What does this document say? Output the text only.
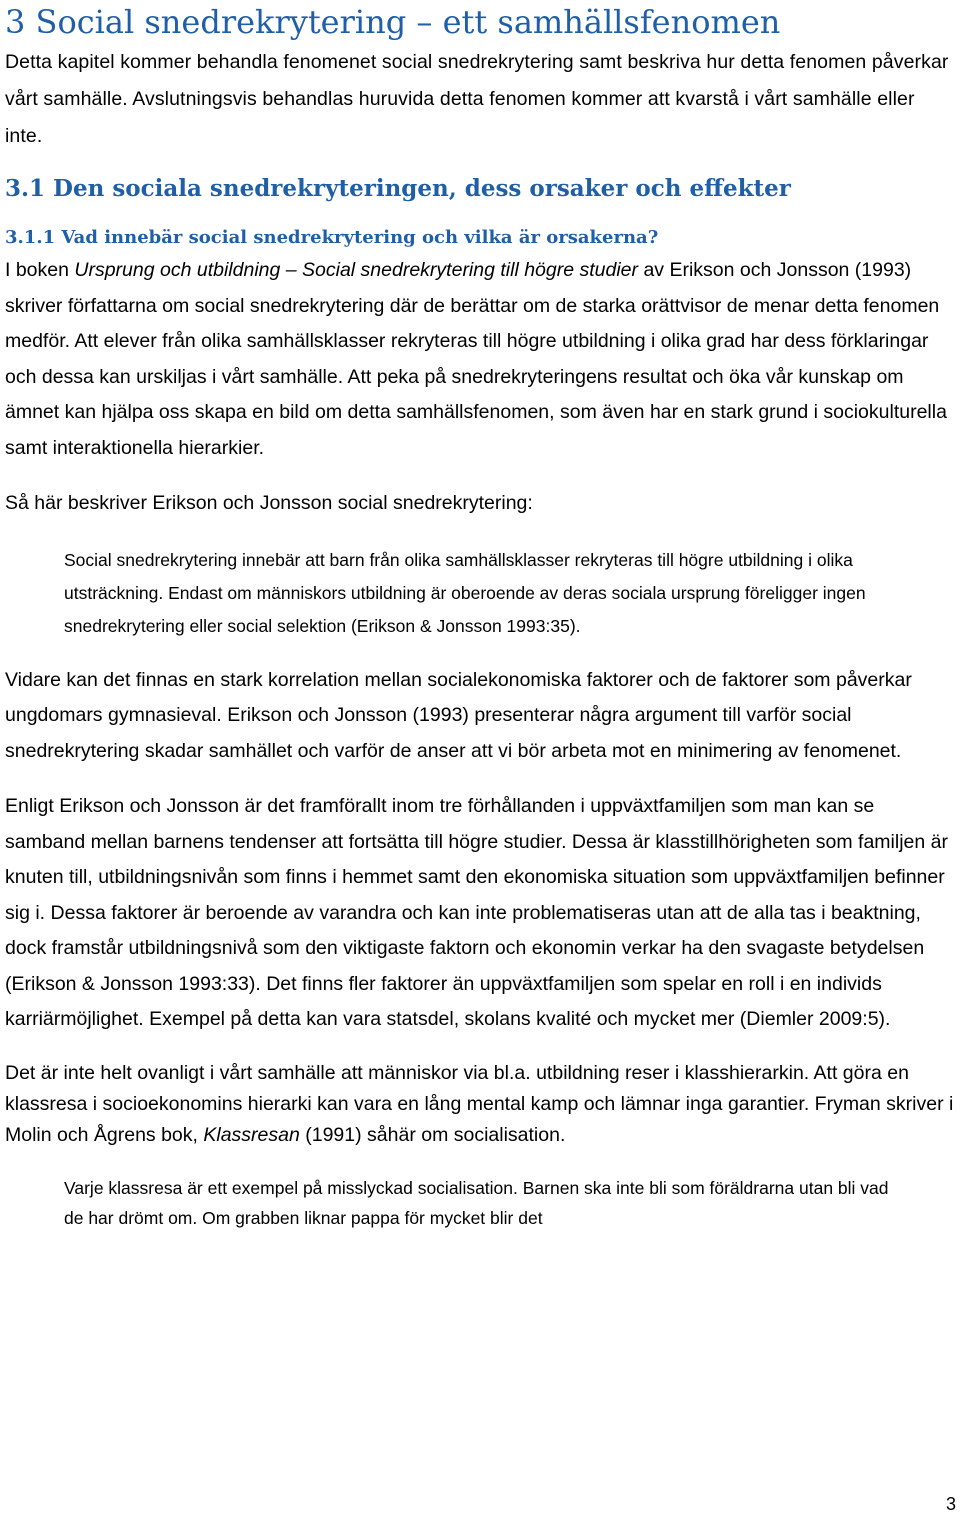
3 Social snedrekrytering – ett samhällsfenomen

Detta kapitel kommer behandla fenomenet social snedrekrytering samt beskriva hur detta fenomen påverkar vårt samhälle. Avslutningsvis behandlas huruvida detta fenomen kommer att kvarstå i vårt samhälle eller inte.

3.1 Den sociala snedrekryteringen, dess orsaker och effekter
3.1.1 Vad innebär social snedrekrytering och vilka är orsakerna?

I boken Ursprung och utbildning – Social snedrekrytering till högre studier av Erikson och Jonsson (1993) skriver författarna om social snedrekrytering där de berättar om de starka orättvisor de menar detta fenomen medför. Att elever från olika samhällsklasser rekryteras till högre utbildning i olika grad har dess förklaringar och dessa kan urskiljas i vårt samhälle. Att peka på snedrekryteringens resultat och öka vår kunskap om ämnet kan hjälpa oss skapa en bild om detta samhällsfenomen, som även har en stark grund i sociokulturella samt interaktionella hierarkier.

Så här beskriver Erikson och Jonsson social snedrekrytering:

Social snedrekrytering innebär att barn från olika samhällsklasser rekryteras till högre utbildning i olika utsträckning. Endast om människors utbildning är oberoende av deras sociala ursprung föreligger ingen snedrekrytering eller social selektion (Erikson & Jonsson 1993:35).

Vidare kan det finnas en stark korrelation mellan socialekonomiska faktorer och de faktorer som påverkar ungdomars gymnasieval. Erikson och Jonsson (1993) presenterar några argument till varför social snedrekrytering skadar samhället och varför de anser att vi bör arbeta mot en minimering av fenomenet.

Enligt Erikson och Jonsson är det framförallt inom tre förhållanden i uppväxtfamiljen som man kan se samband mellan barnens tendenser att fortsätta till högre studier. Dessa är klasstillhörigheten som familjen är knuten till, utbildningsnivån som finns i hemmet samt den ekonomiska situation som uppväxtfamiljen befinner sig i. Dessa faktorer är beroende av varandra och kan inte problematiseras utan att de alla tas i beaktning, dock framstår utbildningsnivå som den viktigaste faktorn och ekonomin verkar ha den svagaste betydelsen (Erikson & Jonsson 1993:33). Det finns fler faktorer än uppväxtfamiljen som spelar en roll i en individs karriärmöjlighet. Exempel på detta kan vara statsdel, skolans kvalité och mycket mer (Diemler 2009:5).

Det är inte helt ovanligt i vårt samhälle att människor via bl.a. utbildning reser i klasshierarkin. Att göra en klassresa i socioekonomins hierarki kan vara en lång mental kamp och lämnar inga garantier. Fryman skriver i Molin och Ågrens bok, Klassresan (1991) såhär om socialisation.

Varje klassresa är ett exempel på misslyckad socialisation. Barnen ska inte bli som föräldrarna utan bli vad de har drömt om. Om grabben liknar pappa för mycket blir det

3
